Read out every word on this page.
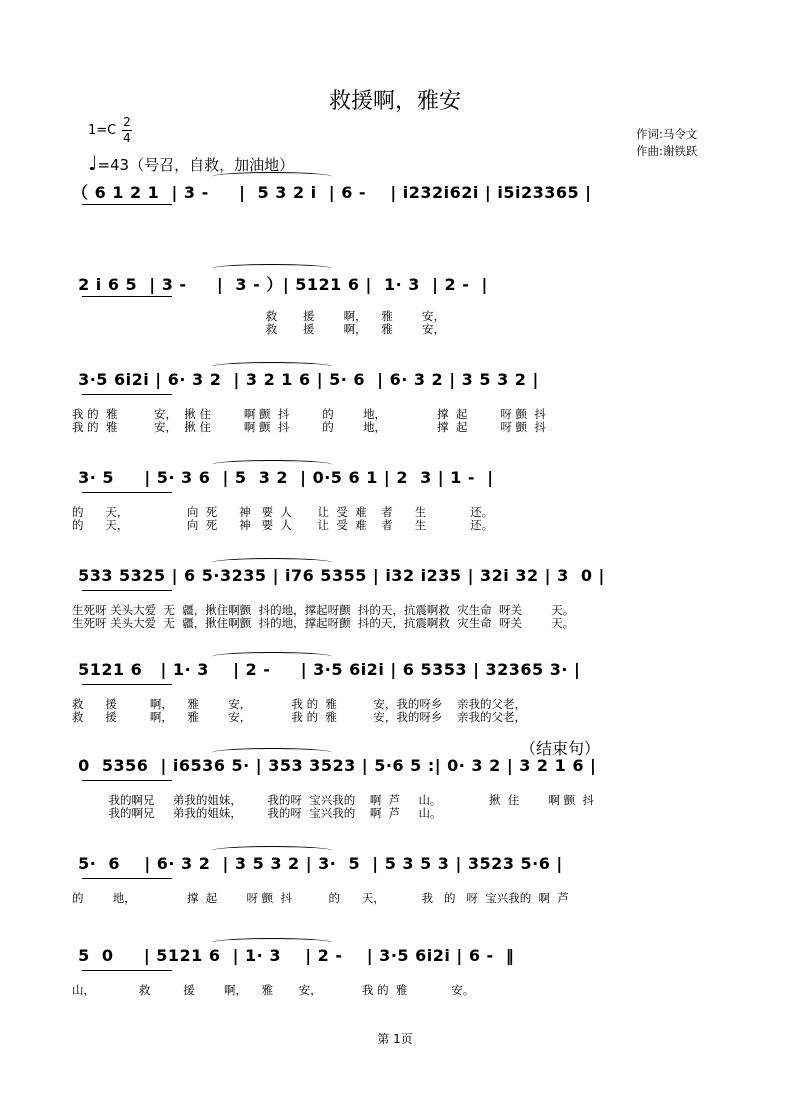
救援啊，雅安
1=C
2
4
♩=43（号召，自救，加油地）
作词:马令文
作曲:谢铁跃
（ 6 1 2 1  | 3 -     |  5 3 2 i  | 6 -    | i232i62i | i5i23365 |
2 i 6 5  | 3 -     |  3 - ）| 5121 6 |  1· 3  | 2 -  |
救       援        啊，    雅        安，
救       援        啊，    雅        安，
3·5 6i2i | 6· 3 2  | 3 2 1 6 | 5· 6  | 6· 3 2 | 3 5 3 2 |
我 的  雅          安，  揪 住         啊 颤  抖         的        地，              撑  起         呀 颤  抖
我 的  雅          安，  揪 住         啊 颤  抖         的        地，              撑  起         呀 颤  抖
3· 5     | 5· 3 6  | 5  3 2  | 0·5 6 1 | 2  3 | 1 -  |
的      天，                向  死      神   要  人       让  受  难    者      生            还。
的      天，                向  死      神   要  人       让  受  难    者      生            还。
533 5325 | 6 5·3235 | i76 5355 | i32 i235 | 32i 32 | 3  0 |
生死呀 关头大爱  无  疆，揪住啊颤  抖的地，撑起呀颤  抖的天，抗震啊救  灾生命  呀关        天。
生死呀 关头大爱  无  疆，揪住啊颤  抖的地，撑起呀颤  抖的天，抗震啊救  灾生命  呀关        天。
5121 6   | 1· 3    | 2 -     | 3·5 6i2i | 6 5353 | 32365 3· |
救      援         啊，    雅        安，           我 的  雅          安，我的呀乡    亲我的父老，
救      援         啊，    雅        安，           我 的  雅          安，我的呀乡    亲我的父老，
0  5356  | i6536 5· | 353 3523 | 5·6 5 :| 0· 3 2 | 3 2 1 6 |
（结束句）
我的啊兄     弟我的姐妹，       我的呀  宝兴我的    啊  芦     山。             揪  住        啊 颤  抖
我的啊兄     弟我的姐妹，       我的呀  宝兴我的    啊  芦     山。
5·  6    | 6· 3 2  | 3 5 3 2 | 3·  5  | 5 3 5 3 | 3523 5·6 |
的        地，              撑  起        呀 颤  抖          的      天，          我   的   呀  宝兴我的  啊  芦
5  0     | 5121 6  | 1· 3    | 2 -    | 3·5 6i2i | 6 -  ‖
山，            救         援        啊，    雅       安，           我 的  雅            安。
第 1页
